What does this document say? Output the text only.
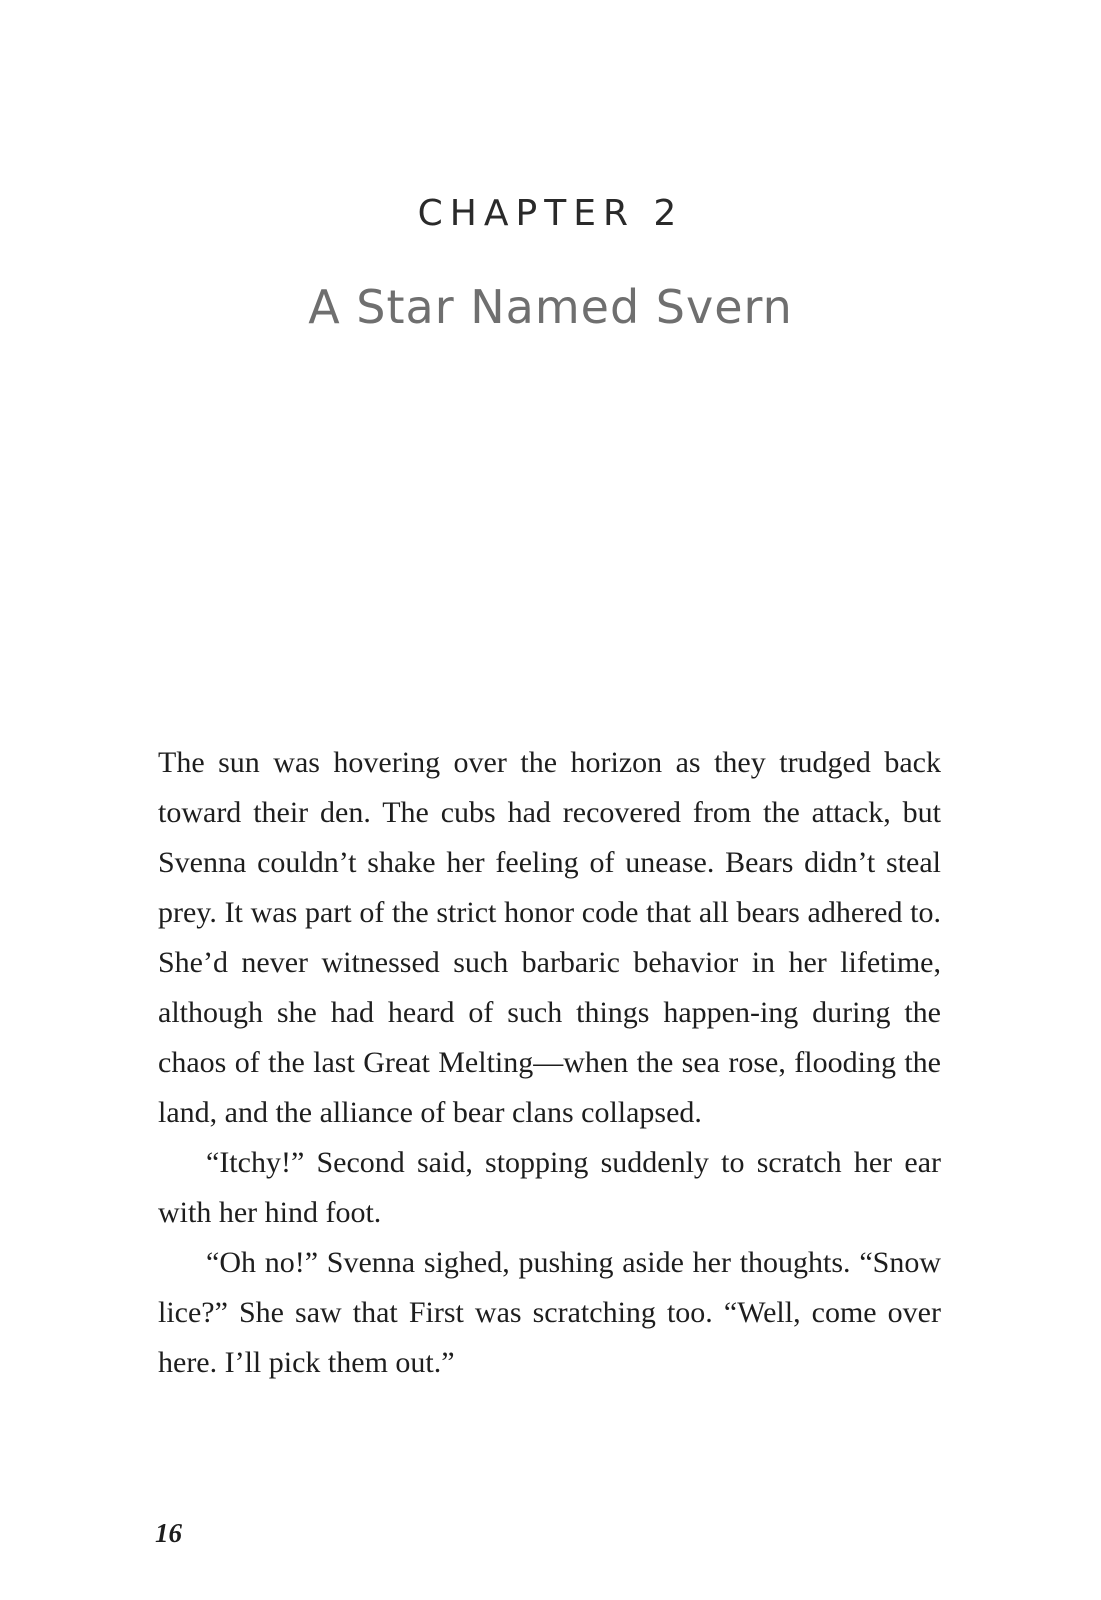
CHAPTER 2
A Star Named Svern

The sun was hovering over the horizon as they trudged back toward their den. The cubs had recovered from the attack, but Svenna couldn’t shake her feeling of unease. Bears didn’t steal prey. It was part of the strict honor code that all bears adhered to. She’d never witnessed such barbaric behavior in her lifetime, although she had heard of such things happen-ing during the chaos of the last Great Melting—when the sea rose, flooding the land, and the alliance of bear clans collapsed.

“Itchy!” Second said, stopping suddenly to scratch her ear with her hind foot.

“Oh no!” Svenna sighed, pushing aside her thoughts. “Snow lice?” She saw that First was scratching too. “Well, come over here. I’ll pick them out.”

16
